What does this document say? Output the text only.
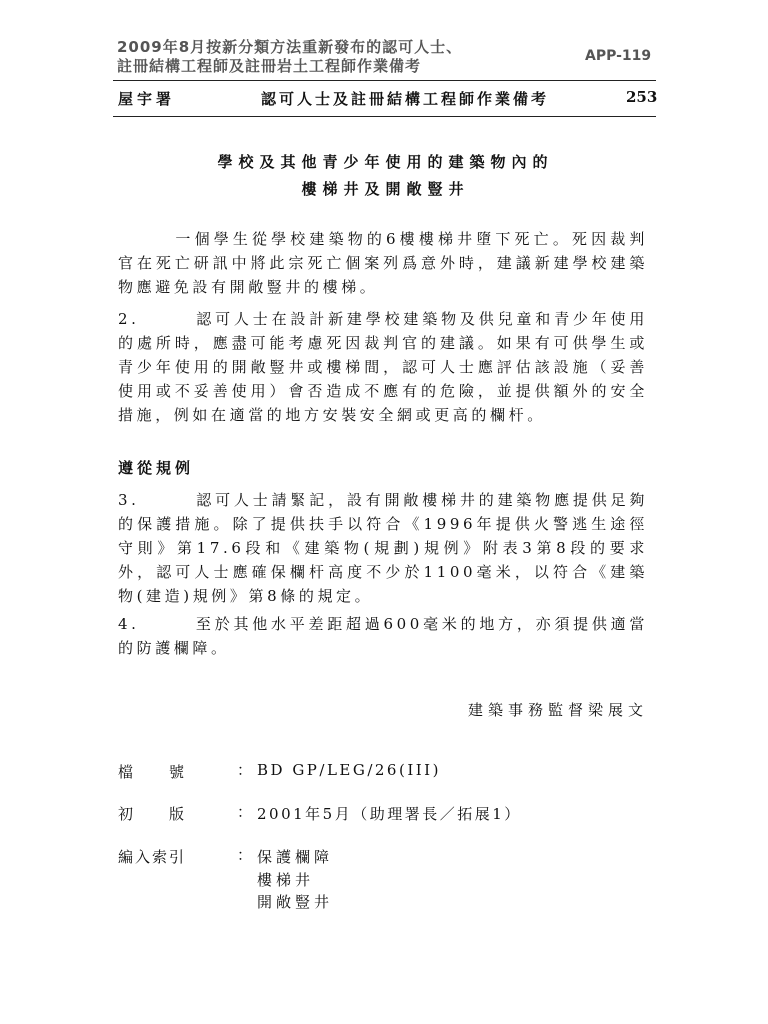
2009年8月按新分類方法重新發布的認可人士、
註冊結構工程師及註冊岩土工程師作業備考
APP-119
屋宇署	認可人士及註冊結構工程師作業備考	253
學校及其他青少年使用的建築物內的
樓梯井及開敞豎井
　　　一個學生從學校建築物的6樓樓梯井墮下死亡。死因裁判官在死亡研訊中將此宗死亡個案列爲意外時，建議新建學校建築物應避免設有開敞豎井的樓梯。
2.　　　認可人士在設計新建學校建築物及供兒童和青少年使用的處所時，應盡可能考慮死因裁判官的建議。如果有可供學生或青少年使用的開敞豎井或樓梯間，認可人士應評估該設施（妥善使用或不妥善使用）會否造成不應有的危險，並提供額外的安全措施，例如在適當的地方安裝安全網或更高的欄杆。
遵從規例
3.　　　認可人士請緊記，設有開敞樓梯井的建築物應提供足夠的保護措施。除了提供扶手以符合《1996年提供火警逃生途徑守則》第17.6段和《建築物(規劃)規例》附表3第8段的要求外，認可人士應確保欄杆高度不少於1100毫米，以符合《建築物(建造)規例》第8條的規定。
4.　　　至於其他水平差距超過600毫米的地方，亦須提供適當的防護欄障。
建築事務監督梁展文
檔　　號	： BD GP/LEG/26(III)
初　　版	： 2001年5月（助理署長／拓展1）
編入索引	： 保護欄障
樓梯井
開敞豎井
